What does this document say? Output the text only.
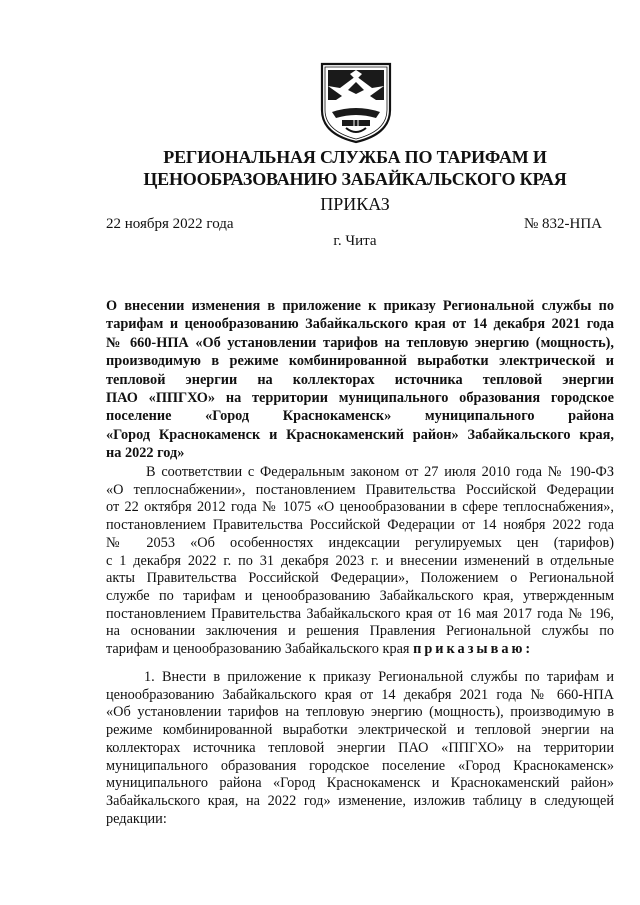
РЕГИОНАЛЬНАЯ СЛУЖБА ПО ТАРИФАМ И
ЦЕНООБРАЗОВАНИЮ ЗАБАЙКАЛЬСКОГО КРАЯ
ПРИКАЗ
22 ноября 2022 года	№ 832-НПА
г. Чита
О внесении изменения в приложение к приказу Региональной службы по
тарифам и ценообразованию Забайкальского края от 14 декабря 2021 года
№ 660-НПА «Об установлении тарифов на тепловую энергию (мощность),
производимую в режиме комбинированной выработки электрической и
тепловой энергии на коллекторах источника тепловой энергии
ПАО «ППГХО» на территории муниципального образования городское
поселение «Город Краснокаменск» муниципального района
«Город Краснокаменск и Краснокаменский район» Забайкальского края,
на 2022 год»
В соответствии с Федеральным законом от 27 июля 2010 года № 190-ФЗ
«О теплоснабжении», постановлением Правительства Российской Федерации
от 22 октября 2012 года № 1075 «О ценообразовании в сфере теплоснабжения»,
постановлением Правительства Российской Федерации от 14 ноября 2022 года
№ 2053 «Об особенностях индексации регулируемых цен (тарифов)
с 1 декабря 2022 г. по 31 декабря 2023 г. и внесении изменений в отдельные
акты Правительства Российской Федерации», Положением о Региональной
службе по тарифам и ценообразованию Забайкальского края, утвержденным
постановлением Правительства Забайкальского края от 16 мая 2017 года № 196,
на основании заключения и решения Правления Региональной службы по
тарифам и ценообразованию Забайкальского края приказываю:
1. Внести в приложение к приказу Региональной службы по тарифам и
ценообразованию Забайкальского края от 14 декабря 2021 года № 660-НПА
«Об установлении тарифов на тепловую энергию (мощность), производимую в
режиме комбинированной выработки электрической и тепловой энергии на
коллекторах источника тепловой энергии ПАО «ППГХО» на территории
муниципального образования городское поселение «Город Краснокаменск»
муниципального района «Город Краснокаменск и Краснокаменский район»
Забайкальского края, на 2022 год» изменение, изложив таблицу в следующей
редакции:
